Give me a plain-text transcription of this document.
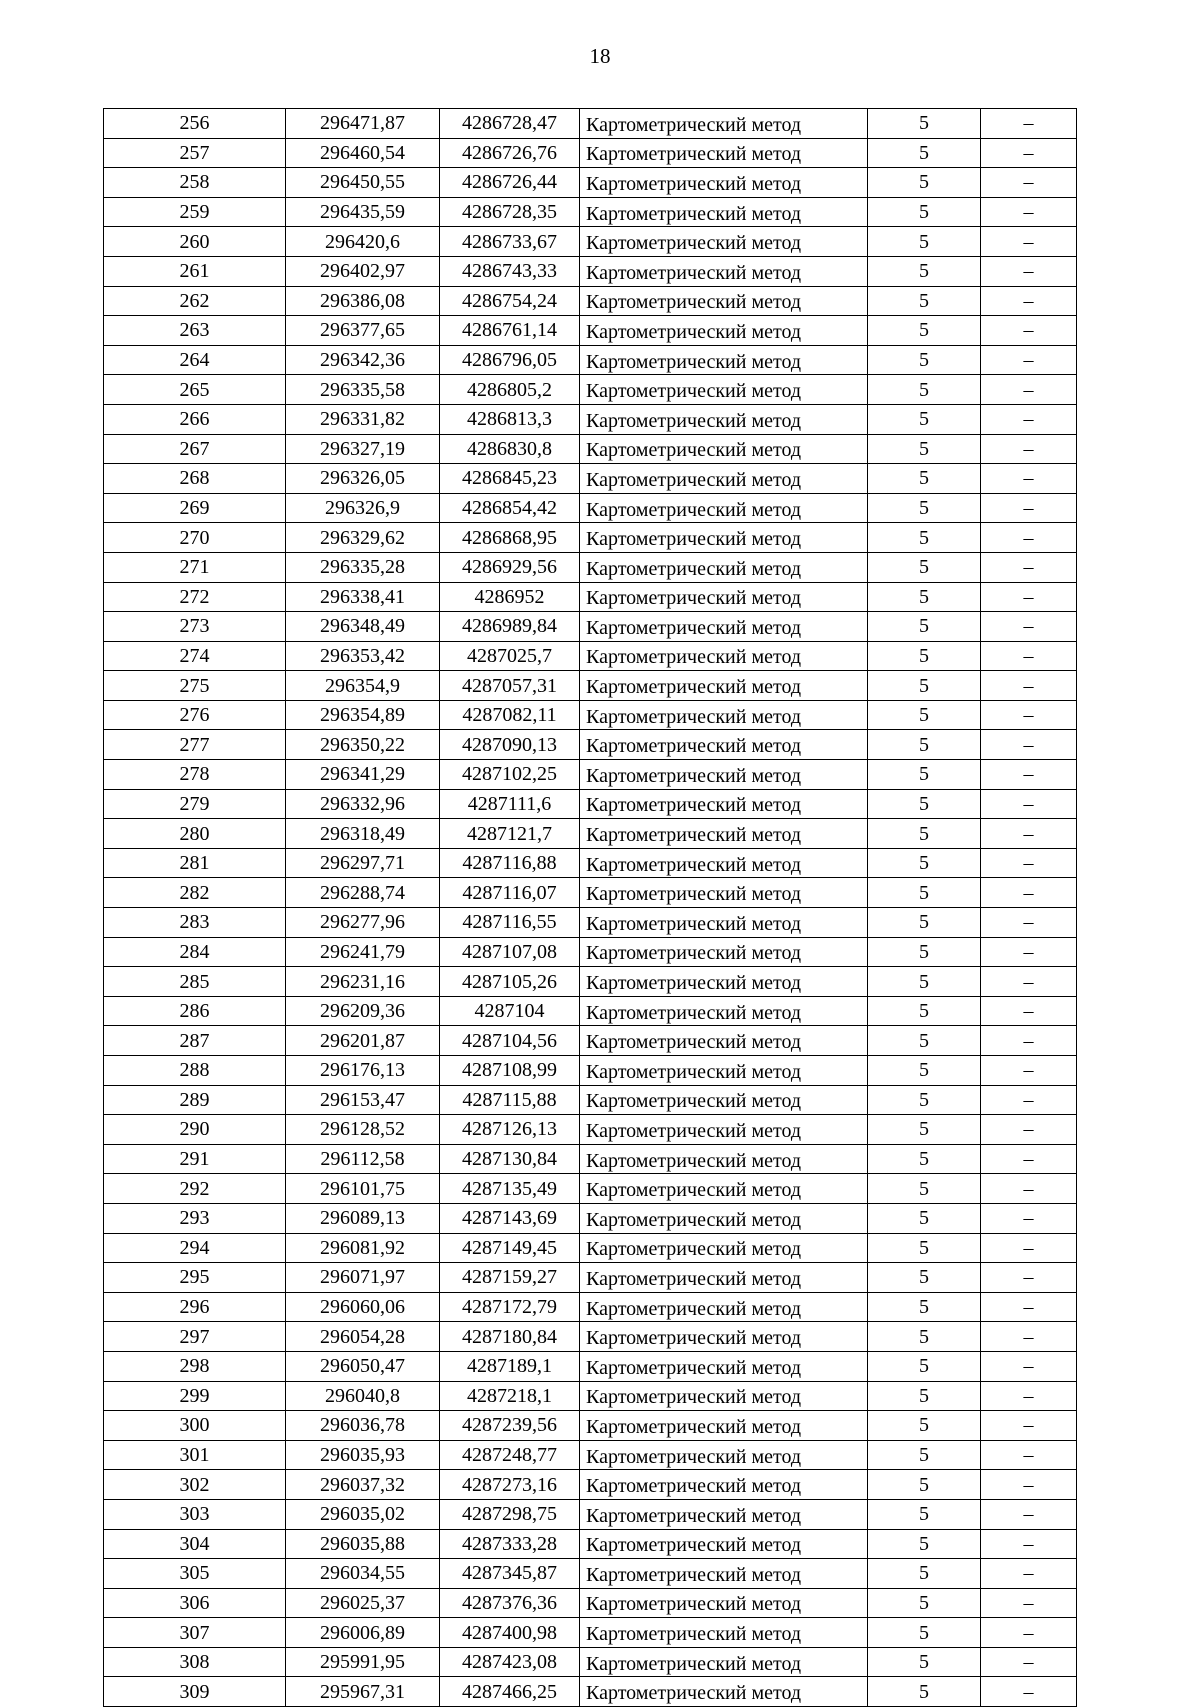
18
256	296471,87	4286728,47	Картометрический метод	5	–
257	296460,54	4286726,76	Картометрический метод	5	–
258	296450,55	4286726,44	Картометрический метод	5	–
259	296435,59	4286728,35	Картометрический метод	5	–
260	296420,6	4286733,67	Картометрический метод	5	–
261	296402,97	4286743,33	Картометрический метод	5	–
262	296386,08	4286754,24	Картометрический метод	5	–
263	296377,65	4286761,14	Картометрический метод	5	–
264	296342,36	4286796,05	Картометрический метод	5	–
265	296335,58	4286805,2	Картометрический метод	5	–
266	296331,82	4286813,3	Картометрический метод	5	–
267	296327,19	4286830,8	Картометрический метод	5	–
268	296326,05	4286845,23	Картометрический метод	5	–
269	296326,9	4286854,42	Картометрический метод	5	–
270	296329,62	4286868,95	Картометрический метод	5	–
271	296335,28	4286929,56	Картометрический метод	5	–
272	296338,41	4286952	Картометрический метод	5	–
273	296348,49	4286989,84	Картометрический метод	5	–
274	296353,42	4287025,7	Картометрический метод	5	–
275	296354,9	4287057,31	Картометрический метод	5	–
276	296354,89	4287082,11	Картометрический метод	5	–
277	296350,22	4287090,13	Картометрический метод	5	–
278	296341,29	4287102,25	Картометрический метод	5	–
279	296332,96	4287111,6	Картометрический метод	5	–
280	296318,49	4287121,7	Картометрический метод	5	–
281	296297,71	4287116,88	Картометрический метод	5	–
282	296288,74	4287116,07	Картометрический метод	5	–
283	296277,96	4287116,55	Картометрический метод	5	–
284	296241,79	4287107,08	Картометрический метод	5	–
285	296231,16	4287105,26	Картометрический метод	5	–
286	296209,36	4287104	Картометрический метод	5	–
287	296201,87	4287104,56	Картометрический метод	5	–
288	296176,13	4287108,99	Картометрический метод	5	–
289	296153,47	4287115,88	Картометрический метод	5	–
290	296128,52	4287126,13	Картометрический метод	5	–
291	296112,58	4287130,84	Картометрический метод	5	–
292	296101,75	4287135,49	Картометрический метод	5	–
293	296089,13	4287143,69	Картометрический метод	5	–
294	296081,92	4287149,45	Картометрический метод	5	–
295	296071,97	4287159,27	Картометрический метод	5	–
296	296060,06	4287172,79	Картометрический метод	5	–
297	296054,28	4287180,84	Картометрический метод	5	–
298	296050,47	4287189,1	Картометрический метод	5	–
299	296040,8	4287218,1	Картометрический метод	5	–
300	296036,78	4287239,56	Картометрический метод	5	–
301	296035,93	4287248,77	Картометрический метод	5	–
302	296037,32	4287273,16	Картометрический метод	5	–
303	296035,02	4287298,75	Картометрический метод	5	–
304	296035,88	4287333,28	Картометрический метод	5	–
305	296034,55	4287345,87	Картометрический метод	5	–
306	296025,37	4287376,36	Картометрический метод	5	–
307	296006,89	4287400,98	Картометрический метод	5	–
308	295991,95	4287423,08	Картометрический метод	5	–
309	295967,31	4287466,25	Картометрический метод	5	–
